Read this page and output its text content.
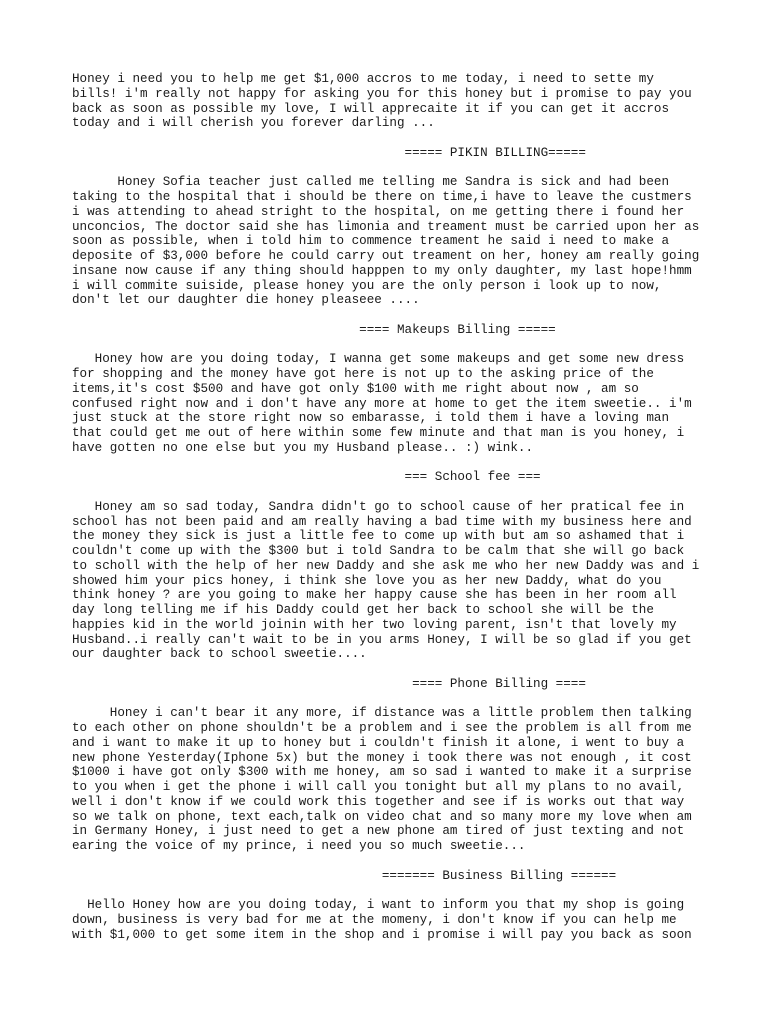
Honey i need you to help me get $1,000 accros to me today, i need to sette my
bills! i'm really not happy for asking you for this honey but i promise to pay you
back as soon as possible my love, I will apprecaite it if you can get it accros
today and i will cherish you forever darling ...

===== PIKIN BILLING=====

Honey Sofia teacher just called me telling me Sandra is sick and had been
taking to the hospital that i should be there on time,i have to leave the custmers
i was attending to ahead stright to the hospital, on me getting there i found her
unconcios, The doctor said she has limonia and treament must be carried upon her as
soon as possible, when i told him to commence treament he said i need to make a
deposite of $3,000 before he could carry out treament on her, honey am really going
insane now cause if any thing should happpen to my only daughter, my last hope!hmm
i will commite suiside, please honey you are the only person i look up to now,
don't let our daughter die honey pleaseee ....

==== Makeups Billing =====

Honey how are you doing today, I wanna get some makeups and get some new dress
for shopping and the money have got here is not up to the asking price of the
items,it's cost $500 and have got only $100 with me right about now , am so
confused right now and i don't have any more at home to get the item sweetie.. i'm
just stuck at the store right now so embarasse, i told them i have a loving man
that could get me out of here within some few minute and that man is you honey, i
have gotten no one else but you my Husband please.. :) wink..

=== School fee ===

Honey am so sad today, Sandra didn't go to school cause of her pratical fee in
school has not been paid and am really having a bad time with my business here and
the money they sick is just a little fee to come up with but am so ashamed that i
couldn't come up with the $300 but i told Sandra to be calm that she will go back
to scholl with the help of her new Daddy and she ask me who her new Daddy was and i
showed him your pics honey, i think she love you as her new Daddy, what do you
think honey ? are you going to make her happy cause she has been in her room all
day long telling me if his Daddy could get her back to school she will be the
happies kid in the world joinin with her two loving parent, isn't that lovely my
Husband..i really can't wait to be in you arms Honey, I will be so glad if you get
our daughter back to school sweetie....

==== Phone Billing ====

Honey i can't bear it any more, if distance was a little problem then talking
to each other on phone shouldn't be a problem and i see the problem is all from me
and i want to make it up to honey but i couldn't finish it alone, i went to buy a
new phone Yesterday(Iphone 5x) but the money i took there was not enough , it cost
$1000 i have got only $300 with me honey, am so sad i wanted to make it a surprise
to you when i get the phone i will call you tonight but all my plans to no avail,
well i don't know if we could work this together and see if is works out that way
so we talk on phone, text each,talk on video chat and so many more my love when am
in Germany Honey, i just need to get a new phone am tired of just texting and not
earing the voice of my prince, i need you so much sweetie...

======= Business Billing ======

Hello Honey how are you doing today, i want to inform you that my shop is going
down, business is very bad for me at the momeny, i don't know if you can help me
with $1,000 to get some item in the shop and i promise i will pay you back as soon
